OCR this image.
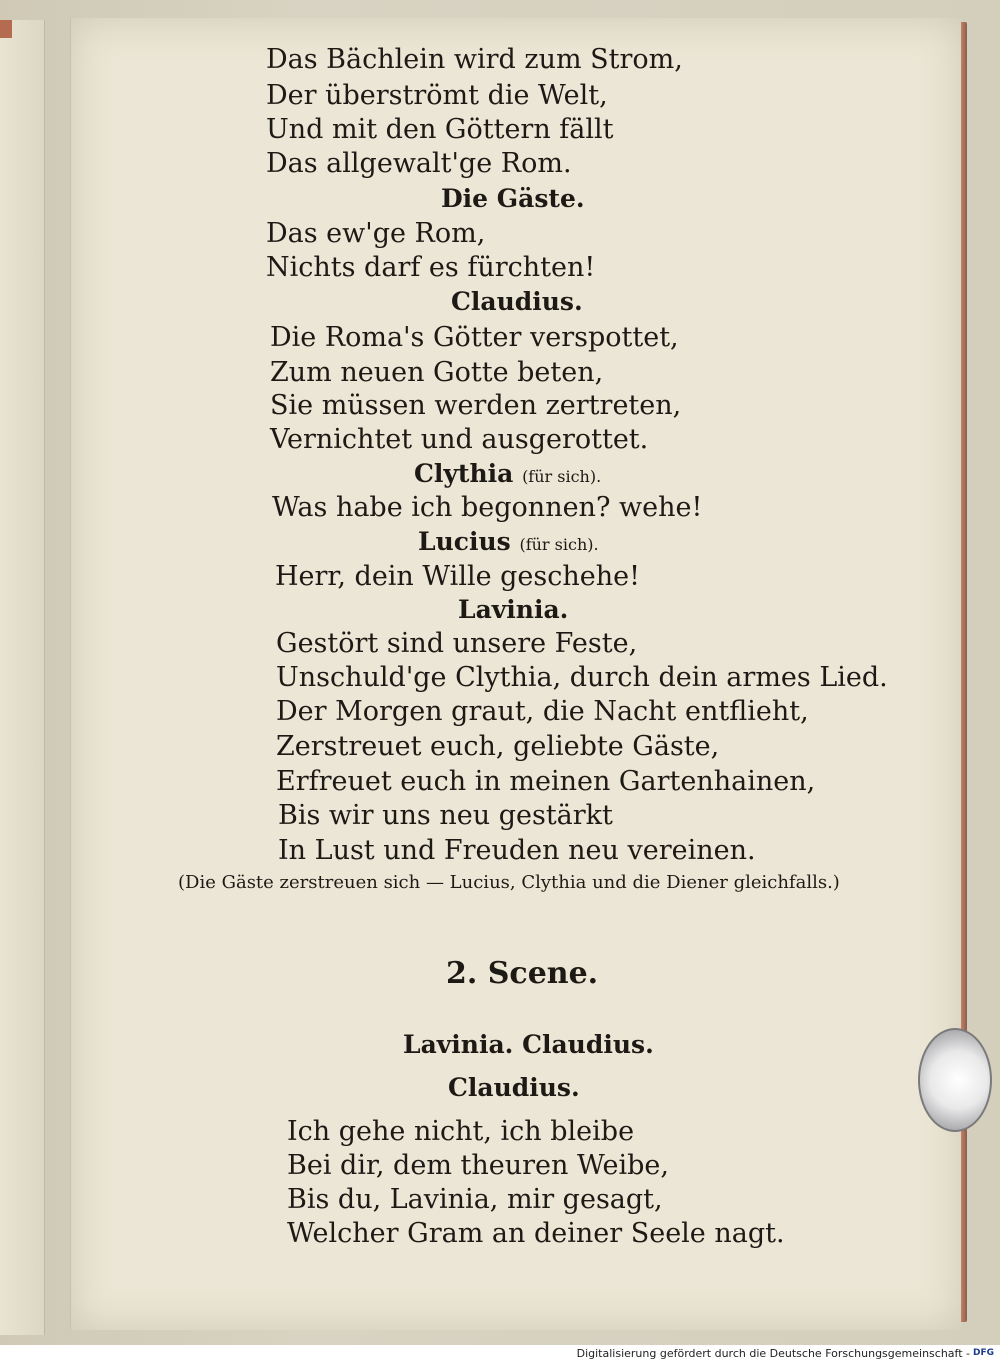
Das Bächlein wird zum Strom,
Der überströmt die Welt,
Und mit den Göttern fällt
Das allgewalt'ge Rom.
Die Gäste.
Das ew'ge Rom,
Nichts darf es fürchten!
Claudius.
Die Roma's Götter verspottet,
Zum neuen Gotte beten,
Sie müssen werden zertreten,
Vernichtet und ausgerottet.
Clythia (für sich).
Was habe ich begonnen? wehe!
Lucius (für sich).
Herr, dein Wille geschehe!
Lavinia.
Gestört sind unsere Feste,
Unschuld'ge Clythia, durch dein armes Lied.
Der Morgen graut, die Nacht entflieht,
Zerstreuet euch, geliebte Gäste,
Erfreuet euch in meinen Gartenhainen,
Bis wir uns neu gestärkt
In Lust und Freuden neu vereinen.
(Die Gäste zerstreuen sich — Lucius, Clythia und die Diener gleichfalls.)
2. Scene.
Lavinia. Claudius.
Claudius.
Ich gehe nicht, ich bleibe
Bei dir, dem theuren Weibe,
Bis du, Lavinia, mir gesagt,
Welcher Gram an deiner Seele nagt.
Digitalisierung gefördert durch die Deutsche Forschungsgemeinschaft - DFG
